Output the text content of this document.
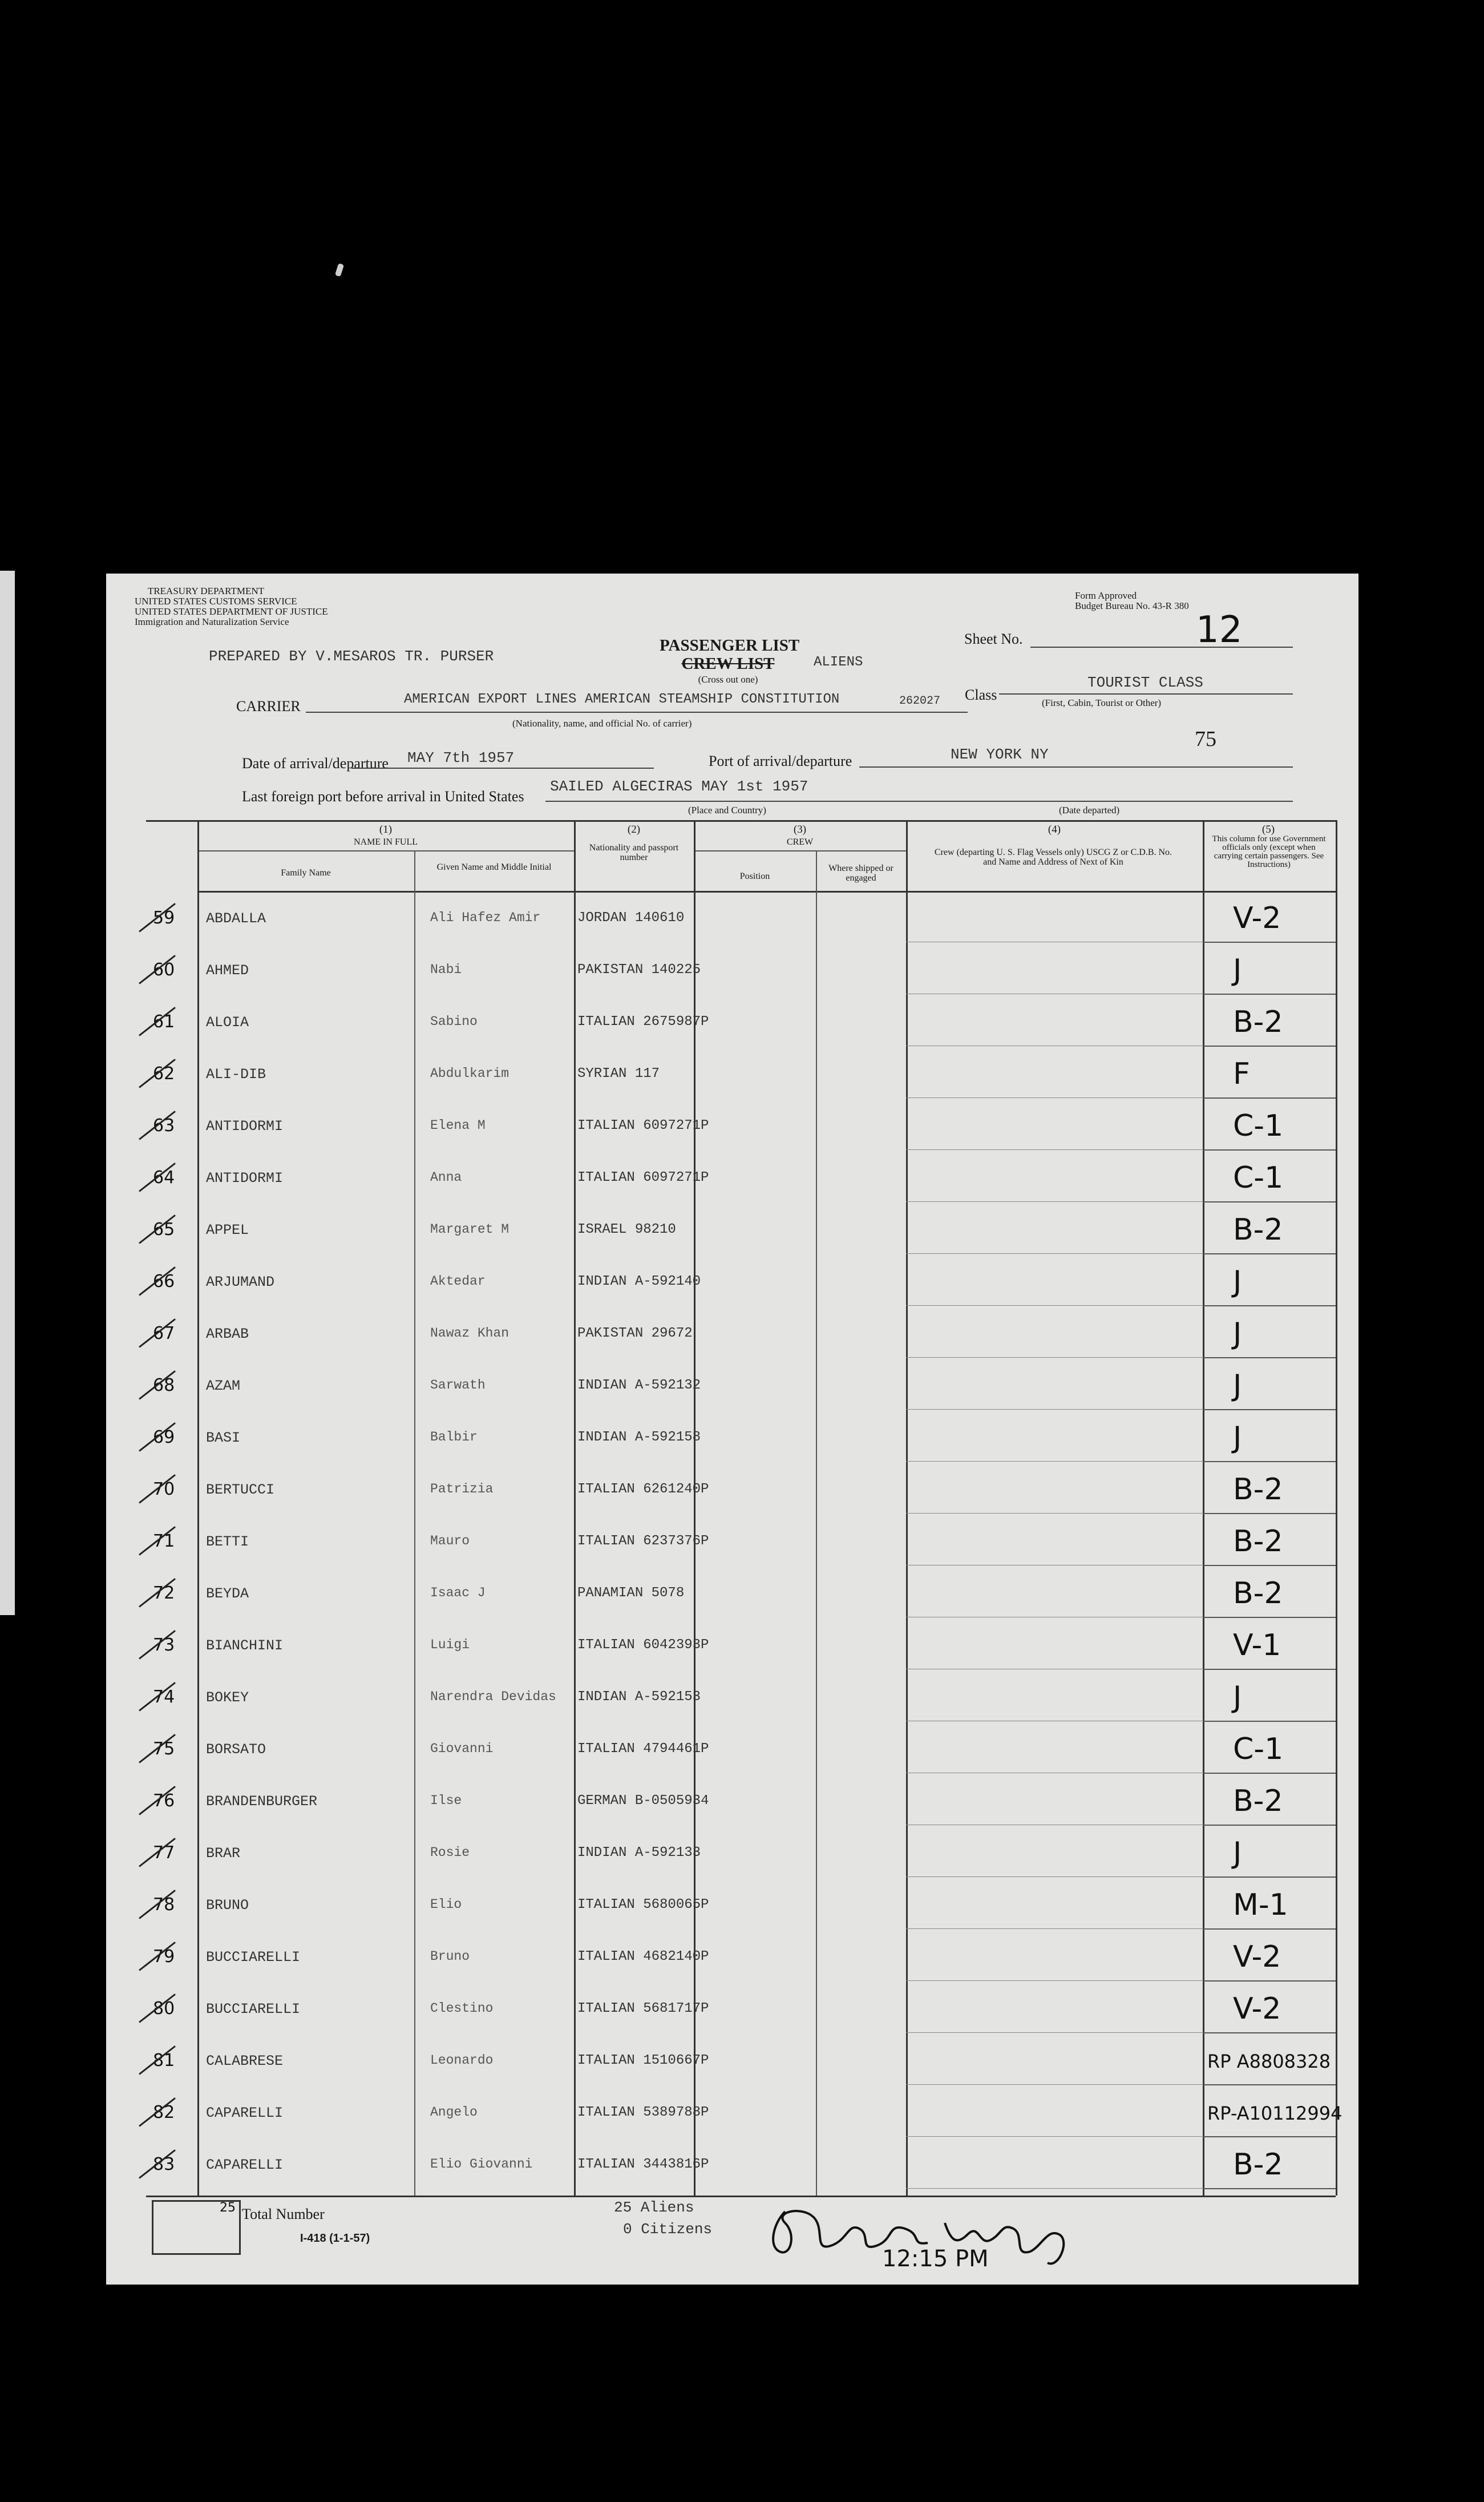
TREASURY DEPARTMENT
UNITED STATES CUSTOMS SERVICE
UNITED STATES DEPARTMENT OF JUSTICE
Immigration and Naturalization Service
Form Approved
Budget Bureau No. 43-R 380
PREPARED BY V.MESAROS TR. PURSER
PASSENGER LIST
CREW LIST	ALIENS
(Cross out one)
Sheet No.	12
CARRIER	AMERICAN EXPORT LINES AMERICAN STEAMSHIP CONSTITUTION	262027
(Nationality, name, and official No. of carrier)
Class
TOURIST CLASS
(First, Cabin, Tourist or Other)
75
Date of arrival/departure MAY 7th 1957	Port of arrival/departure	NEW YORK NY
Last foreign port before arrival in United States
SAILED ALGECIRAS MAY 1st 1957
(Place and Country)	(Date departed)
(1)
NAME IN FULL
Family Name
Given Name and Middle Initial
(2)
Nationality and passport number
(3)
CREW
Position
Where shipped or engaged
(4)
Crew (departing U. S. Flag Vessels only) USCG Z or C.D.B. No. and Name and Address of Next of Kin
(5)
This column for use Government officials only (except when carrying certain passengers. See Instructions)
59 ABDALLA	Ali Hafez Amir	JORDAN 140610	V-2
60 AHMED	Nabi	PAKISTAN 140225	J
61 ALOIA	Sabino	ITALIAN 2675987P	B-2
62 ALI-DIB	Abdulkarim	SYRIAN 117	F
63 ANTIDORMI	Elena M	ITALIAN 6097271P	C-1
64 ANTIDORMI	Anna	ITALIAN 6097271P	C-1
65 APPEL	Margaret M	ISRAEL 98210	B-2
66 ARJUMAND	Aktedar	INDIAN A-592140	J
67 ARBAB	Nawaz Khan	PAKISTAN 29672	J
68 AZAM	Sarwath	INDIAN A-592132	J
69 BASI	Balbir	INDIAN A-592158	J
70 BERTUCCI	Patrizia	ITALIAN 6261240P	B-2
71 BETTI	Mauro	ITALIAN 6237376P	B-2
72 BEYDA	Isaac J	PANAMIAN 5078	B-2
73 BIANCHINI	Luigi	ITALIAN 6042393P	V-1
74 BOKEY	Narendra Devidas INDIAN A-592153	J
75 BORSATO	Giovanni	ITALIAN 4794461P	C-1
76 BRANDENBURGER	Ilse	GERMAN B-0505934	B-2
77 BRAR	Rosie	INDIAN A-592133	J
78 BRUNO	Elio	ITALIAN 5680065P	M-1
79 BUCCIARELLI	Bruno	ITALIAN 4682140P	V-2
80 BUCCIARELLI	Clestino	ITALIAN 5681717P	V-2
81 CALABRESE	Leonardo	ITALIAN 1510667P	RP A8808328
82 CAPARELLI	Angelo	ITALIAN 5389788P	RP-A10112994
83 CAPARELLI	Elio Giovanni	ITALIAN 3443816P	B-2
25 Total Number
I-418 (1-1-57)
25 Aliens
0 Citizens
12:15 PM
